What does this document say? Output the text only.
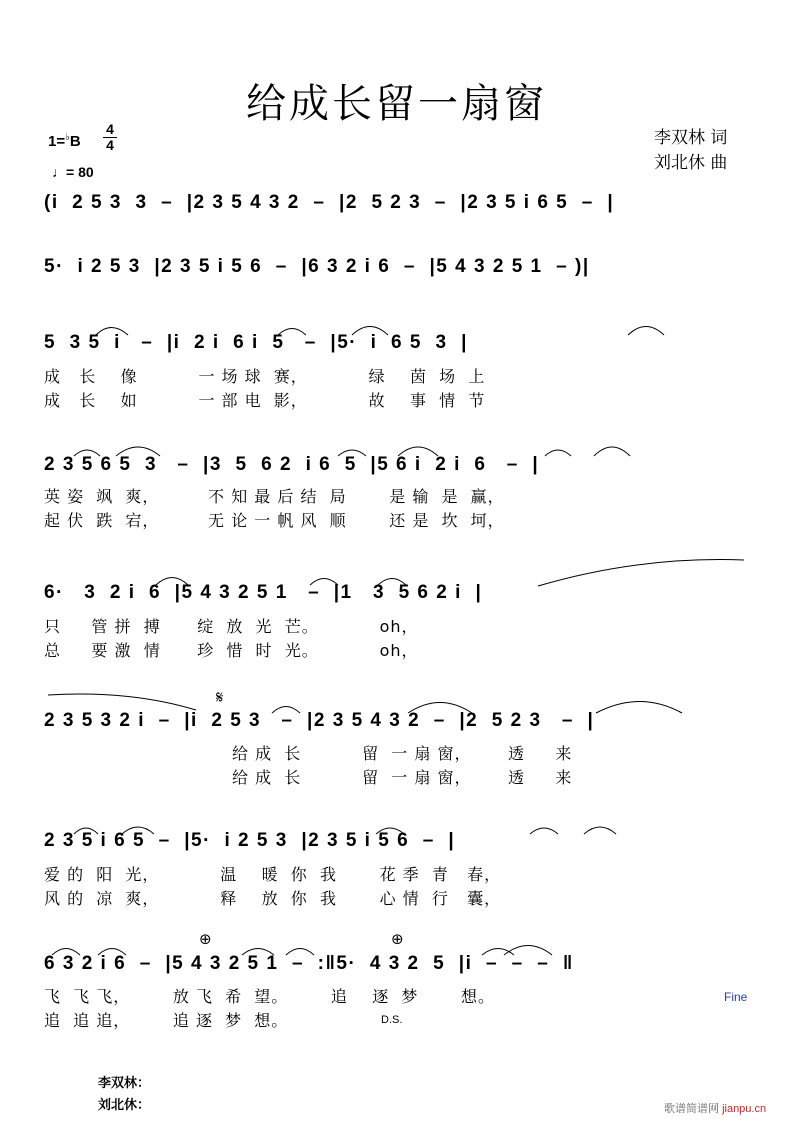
给成长留一扇窗
李双林 词
刘北休 曲
1=♭B
4
4
♩= 80
(i  2 5 3  3  –  |2 3 5 4 3 2  –  |2  5 2 3  –  |2 3 5 i 6 5  –  |
5·  i 2 5 3  |2 3 5 i 5 6  –  |6 3 2 i 6  –  |5 4 3 2 5 1  – )|
5  3 5  i   –  |i  2 i  6 i  5   –  |5·  i  6 5  3  |
成   长    像          一 场 球  赛，          绿    茵  场  上
成   长    如          一 部 电  影，          故    事  情  节
2 3 5 6 5  3   –  |3  5  6 2  i 6  5  |5 6 i  2 i  6   –  |
英 姿  飒  爽，        不 知 最 后 结  局       是 输  是  赢，
起 伏  跌  宕，        无 论 一 帆 风  顺       还 是  坎  坷，
6·   3  2 i  6  |5 4 3 2 5 1   –  |1   3  5 6 2 i  |
只     管 拼  搏      绽  放  光  芒。          oh，
总     要 激  情      珍  惜  时  光。          oh，
2 3 5 3 2 i  –  |i  2 5 3   –  |2 3 5 4 3 2  –  |2  5 2 3   –  |
给 成  长          留  一 扇 窗，      透     来
给 成  长          留  一 扇 窗，      透     来
2 3 5 i 6 5  –  |5·  i 2 5 3  |2 3 5 i 5 6  –  |
爱 的  阳  光，          温    暖  你  我       花 季  青   春，
风 的  凉  爽，          释    放  你  我       心 情  行   囊，
6 3 2 i 6  –  |5 4 3 2 5 1  –  :‖5·  4 3 2  5  |i  –  –  –  ‖
飞  飞 飞，       放 飞  希  望。       追    逐  梦       想。
追  追 追，       追 逐  梦  想。
𝄋
⊕	⊕
D.S.
Fine
李双林：
刘北休：	歌谱简谱网 jianpu.cn
